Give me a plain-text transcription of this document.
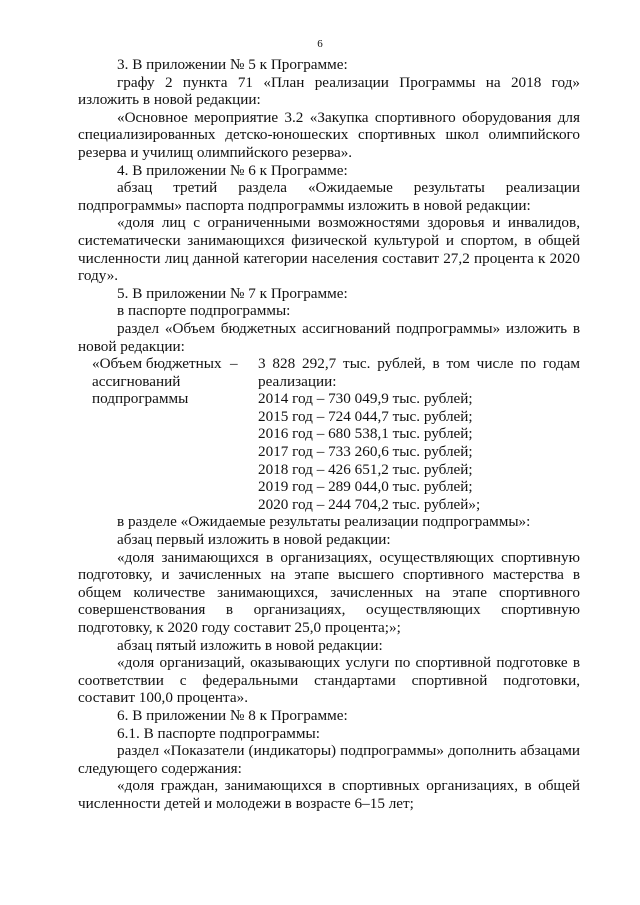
6

3. В приложении № 5 к Программе:

графу 2 пункта 71 «План реализации Программы на 2018 год» изложить в новой редакции:

«Основное мероприятие 3.2 «Закупка спортивного оборудования для специализированных детско-юношеских спортивных школ олимпийского резерва и училищ олимпийского резерва».

4. В приложении № 6 к Программе:

абзац третий раздела «Ожидаемые результаты реализации подпрограммы» паспорта подпрограммы изложить в новой редакции:

«доля лиц с ограниченными возможностями здоровья и инвалидов, систематически занимающихся физической культурой и спортом, в общей численности лиц данной категории населения составит 27,2 процента к 2020 году».

5. В приложении № 7 к Программе:

в паспорте подпрограммы:

раздел «Объем бюджетных ассигнований подпрограммы» изложить в новой редакции:

«Объем бюджетных ассигнований подпрограммы
–	3 828 292,7 тыс. рублей, в том числе по годам реализации:
2014 год – 730 049,9 тыс. рублей;
2015 год – 724 044,7 тыс. рублей;
2016 год – 680 538,1 тыс. рублей;
2017 год – 733 260,6 тыс. рублей;
2018 год – 426 651,2 тыс. рублей;
2019 год – 289 044,0 тыс. рублей;
2020 год – 244 704,2 тыс. рублей»;

в разделе «Ожидаемые результаты реализации подпрограммы»:

абзац первый изложить в новой редакции:

«доля занимающихся в организациях, осуществляющих спортивную подготовку, и зачисленных на этапе высшего спортивного мастерства в общем количестве занимающихся, зачисленных на этапе спортивного совершенствования в организациях, осуществляющих спортивную подготовку, к 2020 году составит 25,0 процента;»;

абзац пятый изложить в новой редакции:

«доля организаций, оказывающих услуги по спортивной подготовке в соответствии с федеральными стандартами спортивной подготовки, составит 100,0 процента».

6. В приложении № 8 к Программе:

6.1. В паспорте подпрограммы:

раздел «Показатели (индикаторы) подпрограммы» дополнить абзацами следующего содержания:

«доля граждан, занимающихся в спортивных организациях, в общей численности детей и молодежи в возрасте 6–15 лет;
